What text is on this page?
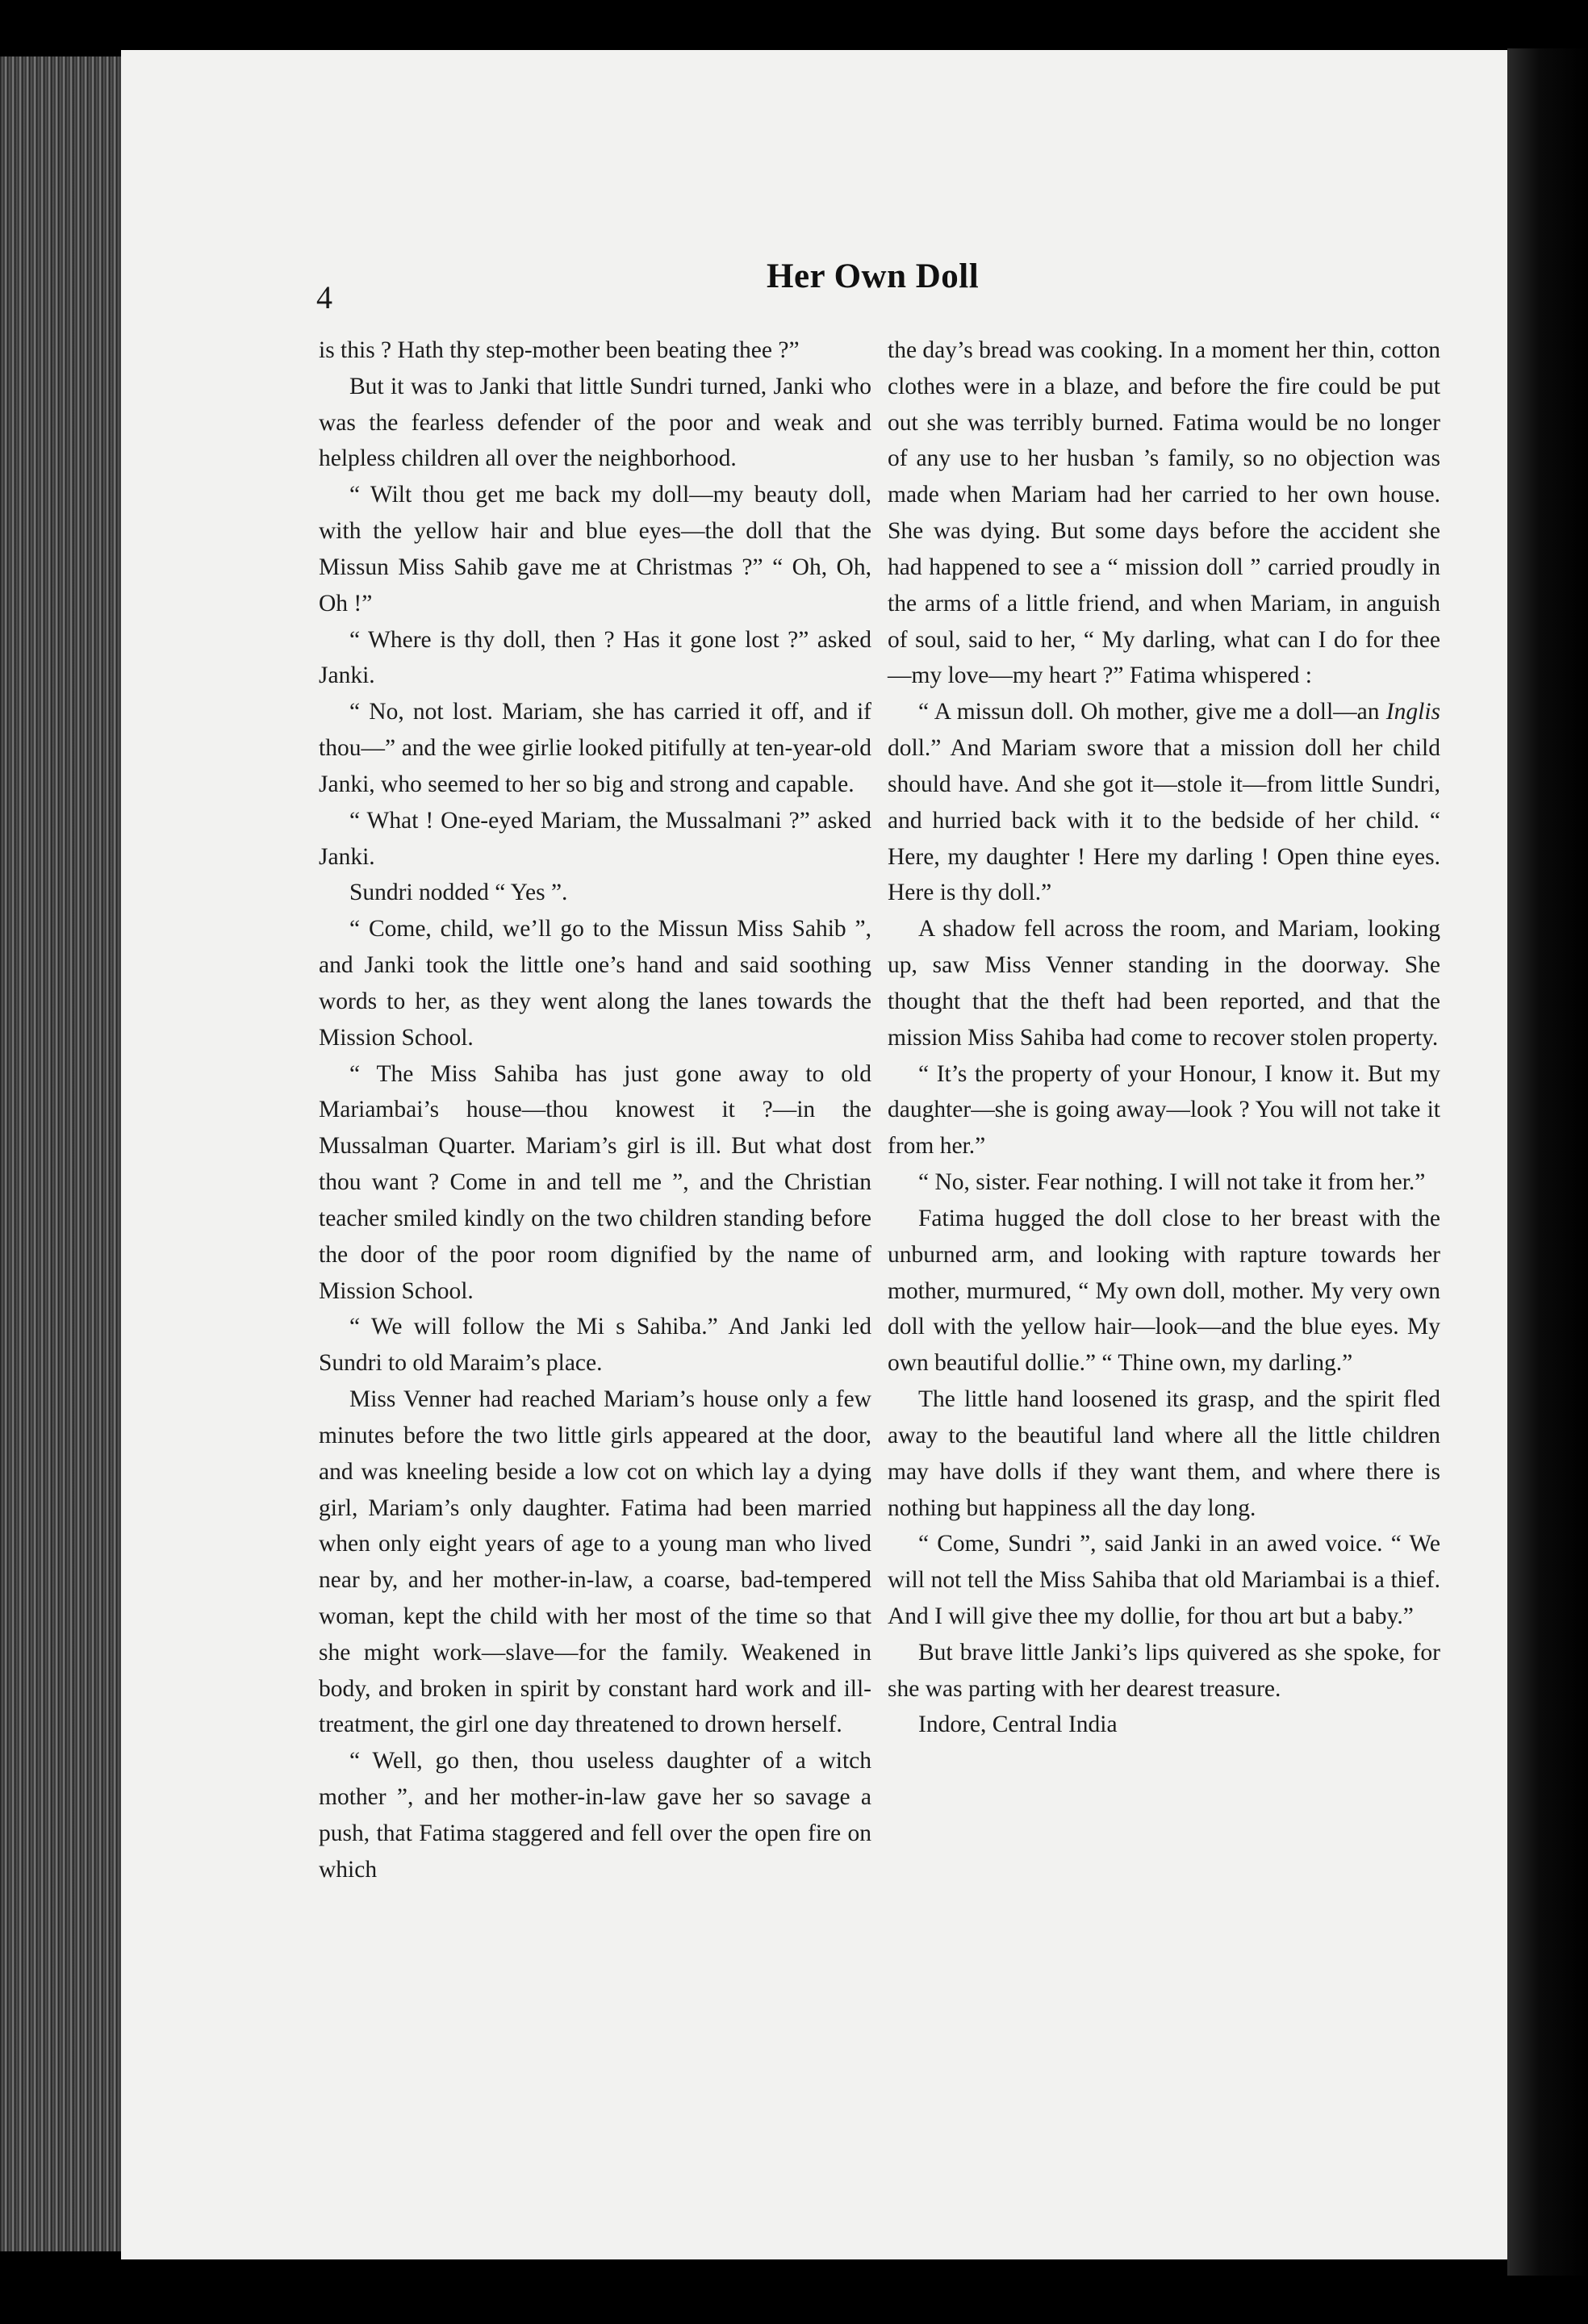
4
Her Own Doll

is this ? Hath thy step-mother been beating thee ?”

But it was to Janki that little Sundri turned, Janki who was the fearless defender of the poor and weak and helpless children all over the neighborhood.

“ Wilt thou get me back my doll—my beauty doll, with the yellow hair and blue eyes—the doll that the Missun Miss Sahib gave me at Christmas ?” “ Oh, Oh, Oh !”

“ Where is thy doll, then ? Has it gone lost ?” asked Janki.

“ No, not lost. Mariam, she has carried it off, and if thou—” and the wee girlie looked pitifully at ten-year-old Janki, who seemed to her so big and strong and capable.

“ What ! One-eyed Mariam, the Mussalmani ?” asked Janki.

Sundri nodded “ Yes ”.

“ Come, child, we’ll go to the Missun Miss Sahib ”, and Janki took the little one’s hand and said soothing words to her, as they went along the lanes towards the Mission School.

“ The Miss Sahiba has just gone away to old Mariambai’s house—thou knowest it ?—in the Mussalman Quarter. Mariam’s girl is ill. But what dost thou want ? Come in and tell me ”, and the Christian teacher smiled kindly on the two children standing before the door of the poor room dignified by the name of Mission School.

“ We will follow the Mi s Sahiba.” And Janki led Sundri to old Maraim’s place.

Miss Venner had reached Mariam’s house only a few minutes before the two little girls appeared at the door, and was kneeling beside a low cot on which lay a dying girl, Mariam’s only daughter. Fatima had been married when only eight years of age to a young man who lived near by, and her mother-in-law, a coarse, bad-tempered woman, kept the child with her most of the time so that she might work—slave—for the family. Weakened in body, and broken in spirit by constant hard work and ill-treatment, the girl one day threatened to drown herself.

“ Well, go then, thou useless daughter of a witch mother ”, and her mother-in-law gave her so savage a push, that Fatima staggered and fell over the open fire on which

the day’s bread was cooking. In a moment her thin, cotton clothes were in a blaze, and before the fire could be put out she was terribly burned. Fatima would be no longer of any use to her husban ’s family, so no objection was made when Mariam had her carried to her own house. She was dying. But some days before the accident she had happened to see a “ mission doll ” carried proudly in the arms of a little friend, and when Mariam, in anguish of soul, said to her, “ My darling, what can I do for thee—my love—my heart ?” Fatima whispered :

“ A missun doll. Oh mother, give me a doll—an Inglis doll.” And Mariam swore that a mission doll her child should have. And she got it—stole it—from little Sundri, and hurried back with it to the bedside of her child. “ Here, my daughter ! Here my darling ! Open thine eyes. Here is thy doll.”

A shadow fell across the room, and Mariam, looking up, saw Miss Venner standing in the doorway. She thought that the theft had been reported, and that the mission Miss Sahiba had come to recover stolen property.

“ It’s the property of your Honour, I know it. But my daughter—she is going away—look ? You will not take it from her.”

“ No, sister. Fear nothing. I will not take it from her.”

Fatima hugged the doll close to her breast with the unburned arm, and looking with rapture towards her mother, murmured, “ My own doll, mother. My very own doll with the yellow hair—look—and the blue eyes. My own beautiful dollie.” “ Thine own, my darling.”

The little hand loosened its grasp, and the spirit fled away to the beautiful land where all the little children may have dolls if they want them, and where there is nothing but happiness all the day long.

“ Come, Sundri ”, said Janki in an awed voice. “ We will not tell the Miss Sahiba that old Mariambai is a thief. And I will give thee my dollie, for thou art but a baby.”

But brave little Janki’s lips quivered as she spoke, for she was parting with her dearest treasure.

Indore, Central India
